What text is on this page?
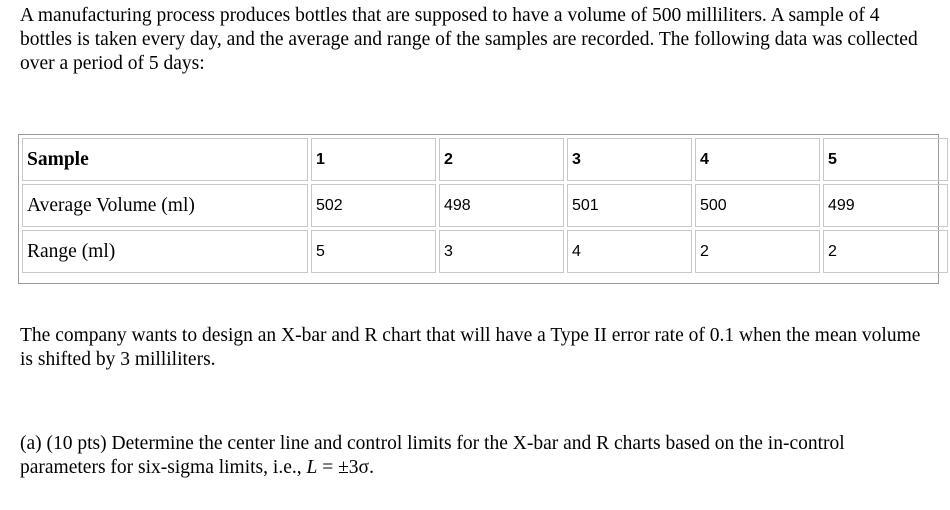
A manufacturing process produces bottles that are supposed to have a volume of 500 milliliters. A sample of 4 bottles is taken every day, and the average and range of the samples are recorded. The following data was collected over a period of 5 days:

Sample	1	2	3	4	5
Average Volume (ml)	502	498	501	500	499
Range (ml)	5	3	4	2	2

The company wants to design an X-bar and R chart that will have a Type II error rate of 0.1 when the mean volume is shifted by 3 milliliters.

(a) (10 pts) Determine the center line and control limits for the X-bar and R charts based on the in-control parameters for six-sigma limits, i.e., L = ±3σ.
